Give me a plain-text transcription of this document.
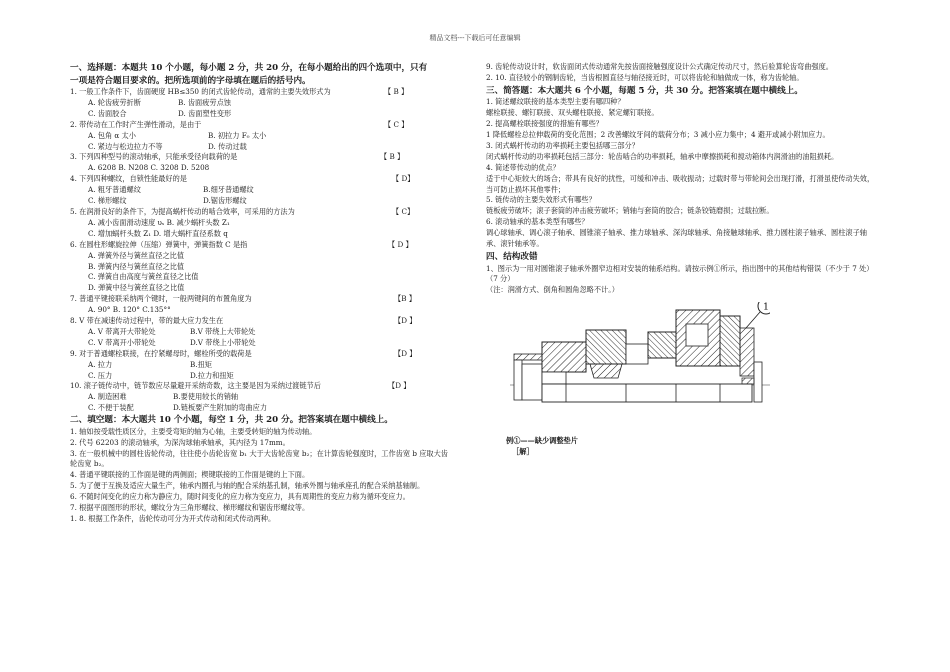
精品文档---下载后可任意编辑
一、选择题：本题共 10 个小题，每小题 2 分，共 20 分，在每小题给出的四个选项中，只有
一项是符合题目要求的。把所选项前的字母填在题后的括号内。
1. 一般工作条件下，齿面硬度 HB≤350 的闭式齿轮传动，通常的主要失效形式为	【 B 】
A. 轮齿疲劳折断	B. 齿面疲劳点蚀
C. 齿面胶合	D. 齿面塑性变形
2. 带传动在工作时产生弹性滑动，是由于	【 C 】
A. 包角 α 太小	B. 初拉力 F₀ 太小
C. 紧边与松边拉力不等	D. 传动过载
3. 下列四种型号的滚动轴承，只能承受径向载荷的是	【 B 】
A. 6208 B. N208 C. 3208 D. 5208
4. 下列四种螺纹，自锁性能最好的是	【 D】
A. 粗牙普通螺纹	B.细牙普通螺纹
C. 梯形螺纹	D.锯齿形螺纹
5. 在润滑良好的条件下，为提高蜗杆传动的啮合效率，可采用的方法为	【 C】
A. 减小齿面滑动速度 υₛ B. 减少蜗杆头数 Z₁
C. 增加蜗杆头数 Z₁ D. 增大蜗杆直径系数 q
6. 在圆柱形螺旋拉伸（压缩）弹簧中，弹簧指数 C 是指	【 D 】
A. 弹簧外径与簧丝直径之比值
B. 弹簧内径与簧丝直径之比值
C. 弹簧自由高度与簧丝直径之比值
D. 弹簧中径与簧丝直径之比值
7. 普通平键接联采纳两个键时，一般两键间的布置角度为	【B 】
A. 90° B. 120° C.135°°
8. V 带在减速传动过程中，带的最大应力发生在	【D 】
A. V 带离开大带轮处	B.V 带绕上大带轮处
C. V 带离开小带轮处	D.V 带绕上小带轮处
9. 对于普通螺栓联接，在拧紧螺母时，螺栓所受的载荷是	【D 】
A. 拉力	B.扭矩
C. 压力	D.拉力和扭矩
10. 滚子链传动中，链节数应尽量避开采纳奇数，这主要是因为采纳过渡链节后	【D 】
A. 制造困难	B.要使用较长的销轴
C. 不便于装配	D.链板要产生附加的弯曲应力
二、填空题：本大题共 10 个小题，每空 1 分，共 20 分。把答案填在题中横线上。
1. 轴如按受载性质区分，主要受弯矩的轴为心轴，主要受转矩的轴为传动轴。
2. 代号 62203 的滚动轴承，为深沟球轴承轴承，其内径为 17mm。
3. 在一般机械中的圆柱齿轮传动，往往使小齿轮齿宽 b₁ 大于大齿轮齿宽 b₂；在计算齿轮强度时，工作齿宽 b 应取大齿轮齿宽 b₂。
4. 普通平键联接的工作面是键的两侧面；楔键联接的工作面是键的上下面。
5. 为了便于互换及适应大量生产，轴承内圈孔与轴的配合采纳基孔制，轴承外圈与轴承座孔的配合采纳基轴制。
6. 不随时间变化的应力称为静应力，随时间变化的应力称为变应力，具有周期性的变应力称为循环变应力。
7. 根据平面图形的形状，螺纹分为三角形螺纹、梯形螺纹和锯齿形螺纹等。
1. 8. 根据工作条件，齿轮传动可分为开式传动和闭式传动两种。
9. 齿轮传动设计时，软齿面闭式传动通常先按齿面接触强度设计公式确定传动尺寸，然后验算轮齿弯曲强度。
2. 10. 直径较小的钢制齿轮，当齿根圆直径与轴径接近时，可以将齿轮和轴做成一体，称为齿轮轴。
三、简答题：本大题共 6 个小题，每题 5 分，共 30 分。把答案填在题中横线上。
1. 简述螺纹联接的基本类型主要有哪四种？
螺栓联接、螺钉联接、双头螺柱联接、紧定螺钉联接。
2. 提高螺栓联接强度的措施有哪些？
1 降低螺栓总拉伸载荷的变化范围；2 改善螺纹牙间的载荷分布；3 减小应力集中；4 避开或减小附加应力。
3. 闭式蜗杆传动的功率损耗主要包括哪三部分？
闭式蜗杆传动的功率损耗包括三部分：轮齿啮合的功率损耗，轴承中摩擦损耗和搅动箱体内润滑油的油阻损耗。
4. 简述带传动的优点？
适于中心矩较大的场合；带具有良好的扰性，可缓和冲击、吸收振动；过载时带与带轮间会出现打滑，打滑虽使传动失效，当可防止损坏其他零件；
5. 链传动的主要失效形式有哪些？
链板疲劳破坏；滚子套筒的冲击疲劳破坏；销轴与套筒的胶合；链条铰链磨损；过载拉断。
6. 滚动轴承的基本类型有哪些？
调心球轴承、调心滚子轴承、圆锥滚子轴承、推力球轴承、深沟球轴承、角接触球轴承、推力圆柱滚子轴承、圆柱滚子轴承、滚针轴承等。
四、结构改错
1、图示为一用对圆锥滚子轴承外圈窄边相对安装的轴系结构。请按示例①所示，指出图中的其他结构错误（不少于 7 处）（7 分）
（注：润滑方式、倒角和圆角忽略不计。）
1
例①——缺少调整垫片
［解］
